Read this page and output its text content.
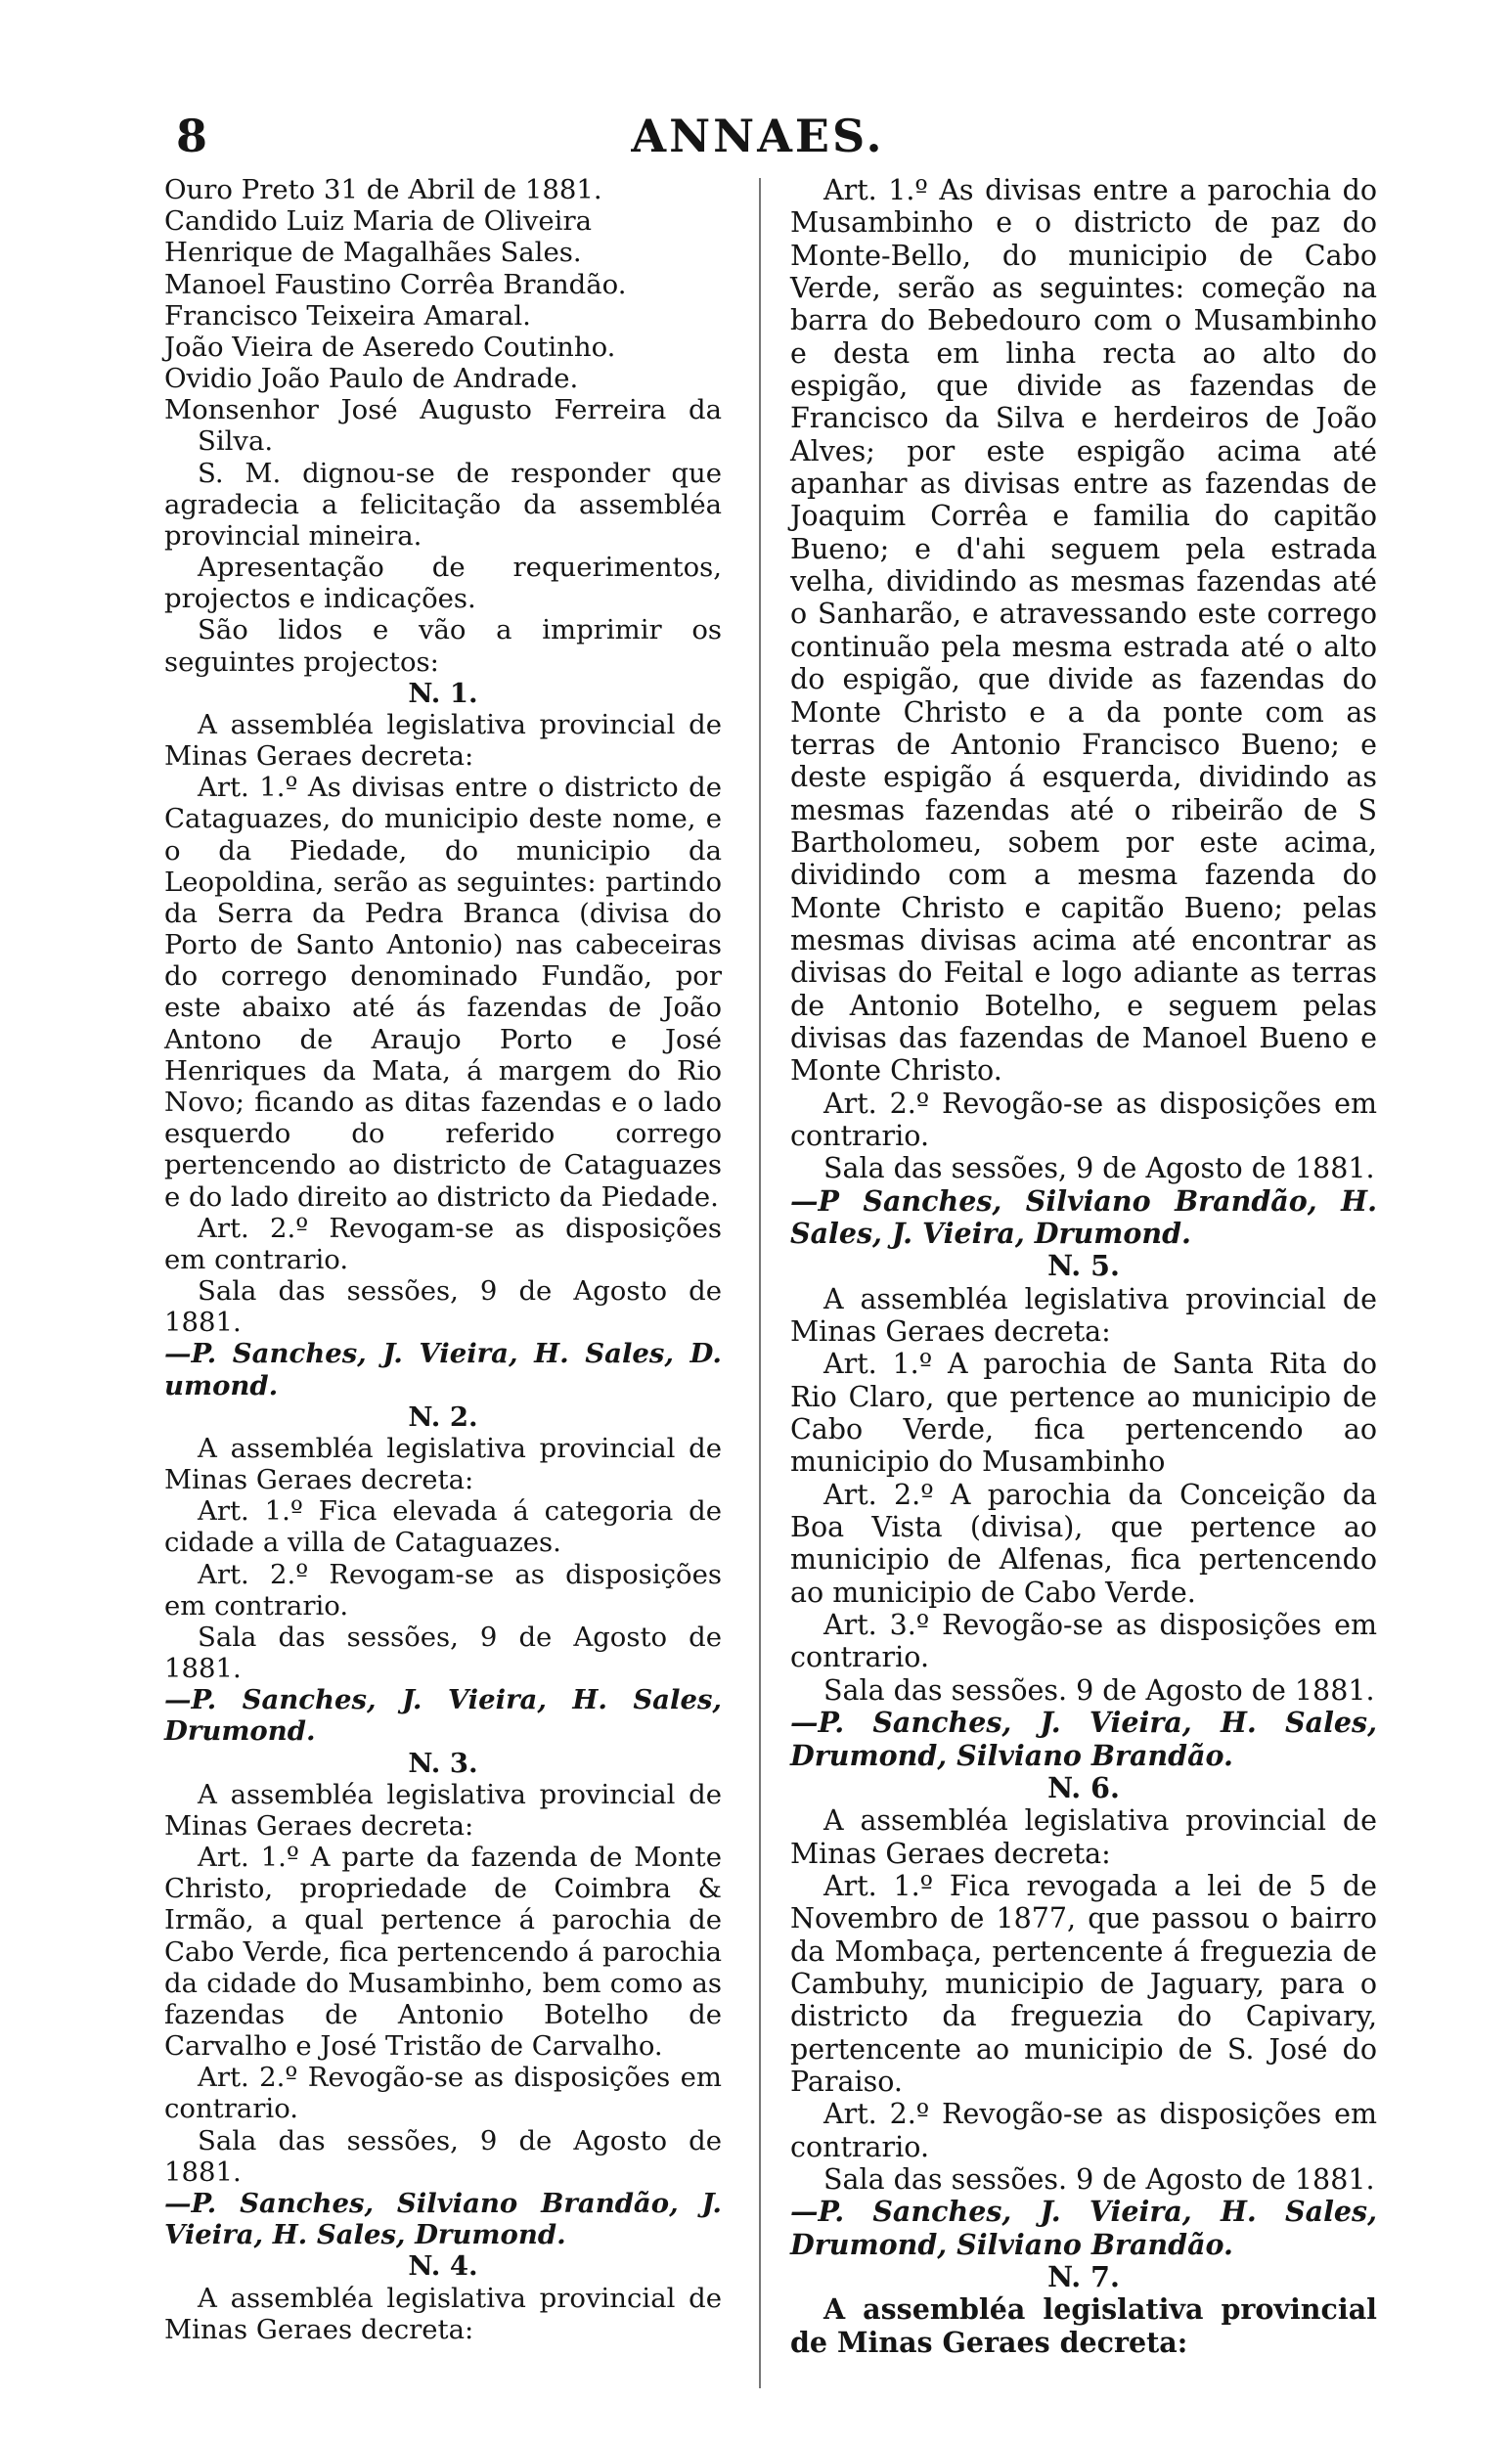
8	ANNAES.

Ouro Preto 31 de Abril de 1881.

Candido Luiz Maria de Oliveira

Henrique de Magalhães Sales.

Manoel Faustino Corrêa Brandão.

Francisco Teixeira Amaral.

João Vieira de Aseredo Coutinho.

Ovidio João Paulo de Andrade.

Monsenhor José Augusto Ferreira da Silva.

S. M. dignou-se de responder que agradecia a felicitação da assembléa provincial mineira.

Apresentação de requerimentos, projectos e indicações.

São lidos e vão a imprimir os seguintes projectos:

N. 1.

A assembléa legislativa provincial de Minas Geraes decreta:

Art. 1.º As divisas entre o districto de Cataguazes, do municipio deste nome, e o da Piedade, do municipio da Leopoldina, serão as seguintes: partindo da Serra da Pedra Branca (divisa do Porto de Santo Antonio) nas cabeceiras do corrego denominado Fundão, por este abaixo até ás fazendas de João Antono de Araujo Porto e José Henriques da Mata, á margem do Rio Novo; ficando as ditas fazendas e o lado esquerdo do referido corrego pertencendo ao districto de Cataguazes e do lado direito ao districto da Piedade.

Art. 2.º Revogam-se as disposições em contrario.

Sala das sessões, 9 de Agosto de 1881.

—P. Sanches, J. Vieira, H. Sales, D. umond.

N. 2.

A assembléa legislativa provincial de Minas Geraes decreta:

Art. 1.º Fica elevada á categoria de cidade a villa de Cataguazes.

Art. 2.º Revogam-se as disposições em contrario.

Sala das sessões, 9 de Agosto de 1881.

—P. Sanches, J. Vieira, H. Sales, Drumond.

N. 3.

A assembléa legislativa provincial de Minas Geraes decreta:

Art. 1.º A parte da fazenda de Monte Christo, propriedade de Coimbra & Irmão, a qual pertence á parochia de Cabo Verde, fica pertencendo á parochia da cidade do Musambinho, bem como as fazendas de Antonio Botelho de Carvalho e José Tristão de Carvalho.

Art. 2.º Revogão-se as disposições em contrario.

Sala das sessões, 9 de Agosto de 1881.

—P. Sanches, Silviano Brandão, J. Vieira, H. Sales, Drumond.

N. 4.

A assembléa legislativa provincial de Minas Geraes decreta:

Art. 1.º As divisas entre a parochia do Musambinho e o districto de paz do Monte-Bello, do municipio de Cabo Verde, serão as seguintes: começão na barra do Bebedouro com o Musambinho e desta em linha recta ao alto do espigão, que divide as fazendas de Francisco da Silva e herdeiros de João Alves; por este espigão acima até apanhar as divisas entre as fazendas de Joaquim Corrêa e familia do capitão Bueno; e d'ahi seguem pela estrada velha, dividindo as mesmas fazendas até o Sanharão, e atravessando este corrego continuão pela mesma estrada até o alto do espigão, que divide as fazendas do Monte Christo e a da ponte com as terras de Antonio Francisco Bueno; e deste espigão á esquerda, dividindo as mesmas fazendas até o ribeirão de S Bartholomeu, sobem por este acima, dividindo com a mesma fazenda do Monte Christo e capitão Bueno; pelas mesmas divisas acima até encontrar as divisas do Feital e logo adiante as terras de Antonio Botelho, e seguem pelas divisas das fazendas de Manoel Bueno e Monte Christo.

Art. 2.º Revogão-se as disposições em contrario.

Sala das sessões, 9 de Agosto de 1881.

—P Sanches, Silviano Brandão, H. Sales, J. Vieira, Drumond.

N. 5.

A assembléa legislativa provincial de Minas Geraes decreta:

Art. 1.º A parochia de Santa Rita do Rio Claro, que pertence ao municipio de Cabo Verde, fica pertencendo ao municipio do Musambinho

Art. 2.º A parochia da Conceição da Boa Vista (divisa), que pertence ao municipio de Alfenas, fica pertencendo ao municipio de Cabo Verde.

Art. 3.º Revogão-se as disposições em contrario.

Sala das sessões. 9 de Agosto de 1881.

—P. Sanches, J. Vieira, H. Sales, Drumond, Silviano Brandão.

N. 6.

A assembléa legislativa provincial de Minas Geraes decreta:

Art. 1.º Fica revogada a lei de 5 de Novembro de 1877, que passou o bairro da Mombaça, pertencente á freguezia de Cambuhy, municipio de Jaguary, para o districto da freguezia do Capivary, pertencente ao municipio de S. José do Paraiso.

Art. 2.º Revogão-se as disposições em contrario.

Sala das sessões. 9 de Agosto de 1881.

—P. Sanches, J. Vieira, H. Sales, Drumond, Silviano Brandão.

N. 7.

A assembléa legislativa provincial de Minas Geraes decreta:
